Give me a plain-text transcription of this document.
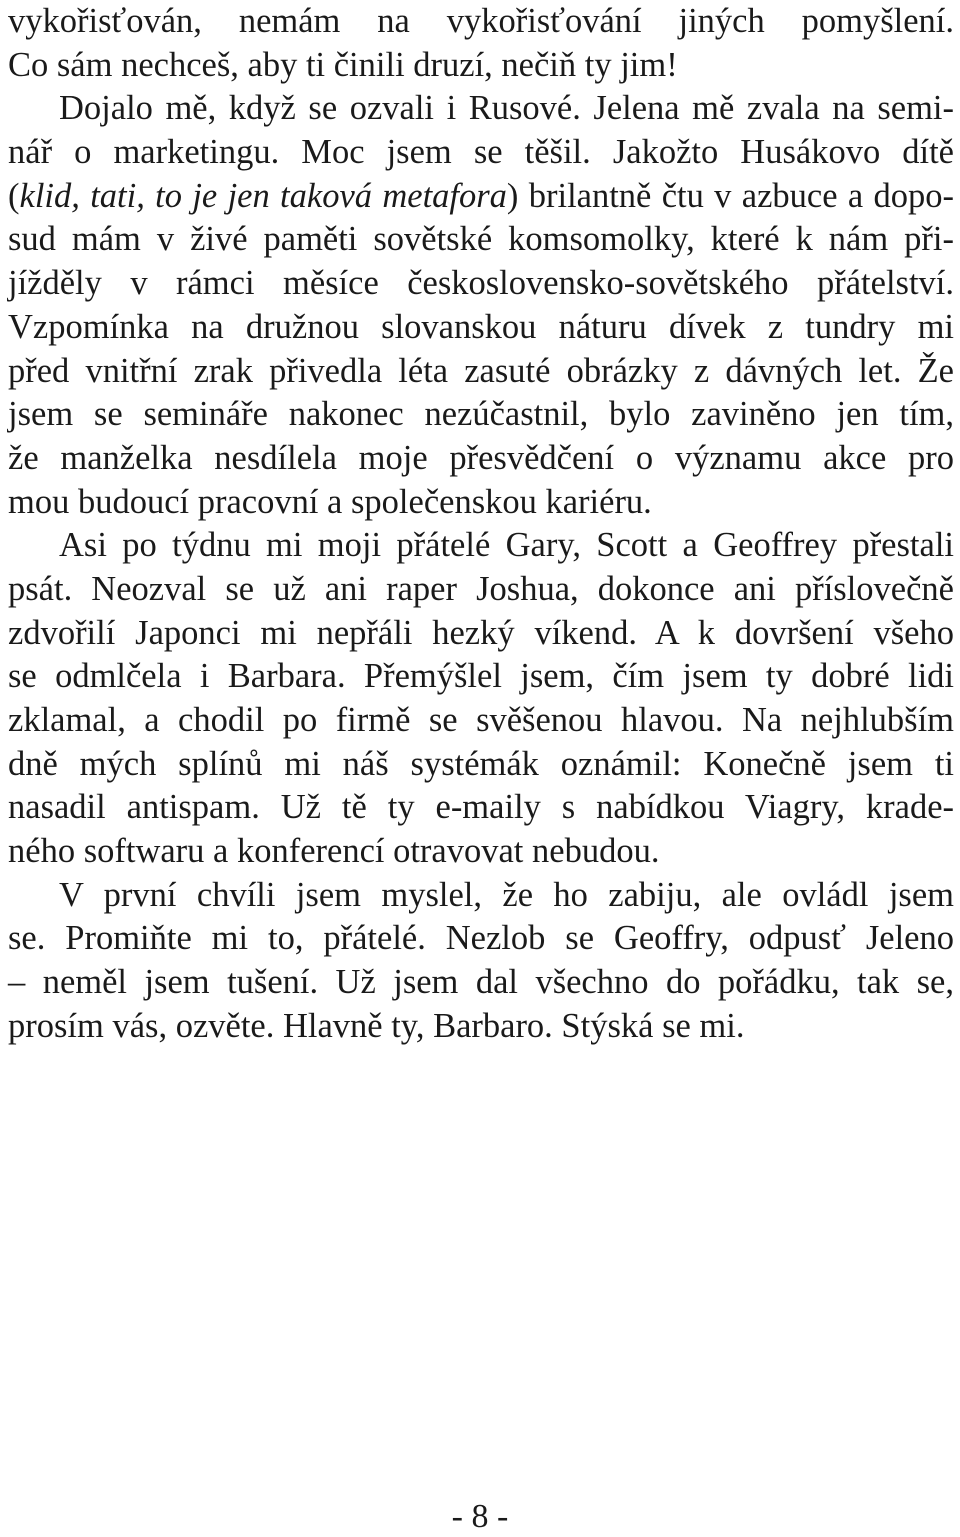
vykořisťován, nemám na vykořisťování jiných pomyšlení.
Co sám nechceš, aby ti činili druzí, nečiň ty jim!
Dojalo mě, když se ozvali i Rusové. Jelena mě zvala na semi-
nář o marketingu. Moc jsem se těšil. Jakožto Husákovo dítě
(klid, tati, to je jen taková metafora) brilantně čtu v azbuce a dopo-
sud mám v živé paměti sovětské komsomolky, které k nám při-
jížděly v rámci měsíce československo-sovětského přátelství.
Vzpomínka na družnou slovanskou náturu dívek z tundry mi
před vnitřní zrak přivedla léta zasuté obrázky z dávných let. Že
jsem se semináře nakonec nezúčastnil, bylo zaviněno jen tím,
že manželka nesdílela moje přesvědčení o významu akce pro
mou budoucí pracovní a společenskou kariéru.
Asi po týdnu mi moji přátelé Gary, Scott a Geoffrey přestali
psát. Neozval se už ani raper Joshua, dokonce ani příslovečně
zdvořilí Japonci mi nepřáli hezký víkend. A k dovršení všeho
se odmlčela i Barbara. Přemýšlel jsem, čím jsem ty dobré lidi
zklamal, a chodil po firmě se svěšenou hlavou. Na nejhlubším
dně mých splínů mi náš systémák oznámil: Konečně jsem ti
nasadil antispam. Už tě ty e-maily s nabídkou Viagry, krade-
ného softwaru a konferencí otravovat nebudou.
V první chvíli jsem myslel, že ho zabiju, ale ovládl jsem
se. Promiňte mi to, přátelé. Nezlob se Geoffry, odpusť Jeleno
– neměl jsem tušení. Už jsem dal všechno do pořádku, tak se,
prosím vás, ozvěte. Hlavně ty, Barbaro. Stýská se mi.
- 8 -
